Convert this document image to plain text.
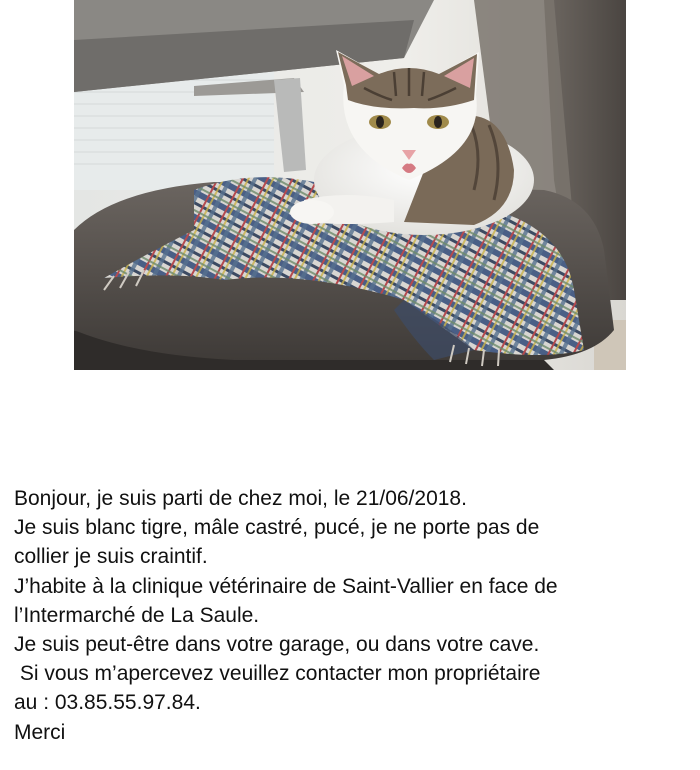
Bonjour, je suis parti de chez moi, le 21/06/2018.

Je suis blanc tigre, mâle castré, pucé, je ne porte pas de

collier je suis craintif.

J’habite à la clinique vétérinaire de Saint-Vallier en face de

l’Intermarché de La Saule.

Je suis peut-être dans votre garage, ou dans votre cave.

Si vous m’apercevez veuillez contacter mon propriétaire

au : 03.85.55.97.84.

Merci
